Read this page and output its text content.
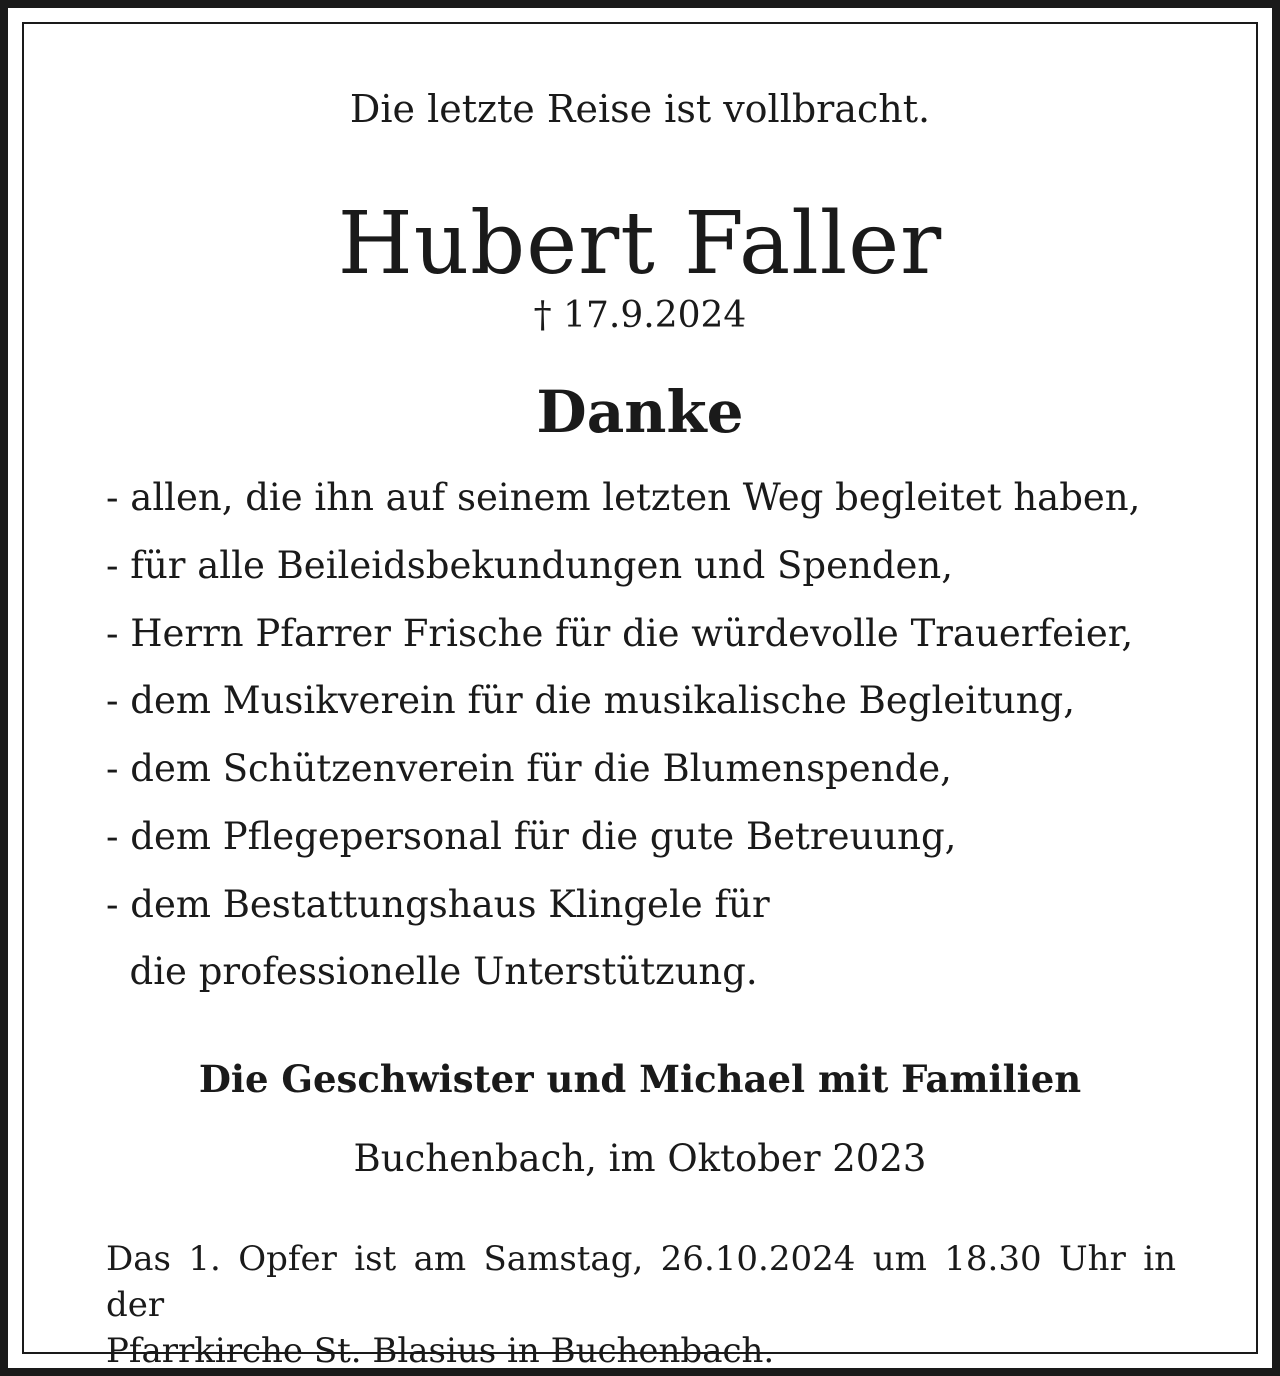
Die letzte Reise ist vollbracht.

Hubert Faller

† 17.9.2024

Danke

- allen, die ihn auf seinem letzten Weg begleitet haben,

- für alle Beileidsbekundungen und Spenden,

- Herrn Pfarrer Frische für die würdevolle Trauerfeier,

- dem Musikverein für die musikalische Begleitung,

- dem Schützenverein für die Blumenspende,

- dem Pflegepersonal für die gute Betreuung,

- dem Bestattungshaus Klingele für

die professionelle Unterstützung.

Die Geschwister und Michael mit Familien

Buchenbach, im Oktober 2023

Das 1. Opfer ist am Samstag, 26.10.2024 um 18.30 Uhr in der
Pfarrkirche St. Blasius in Buchenbach.
